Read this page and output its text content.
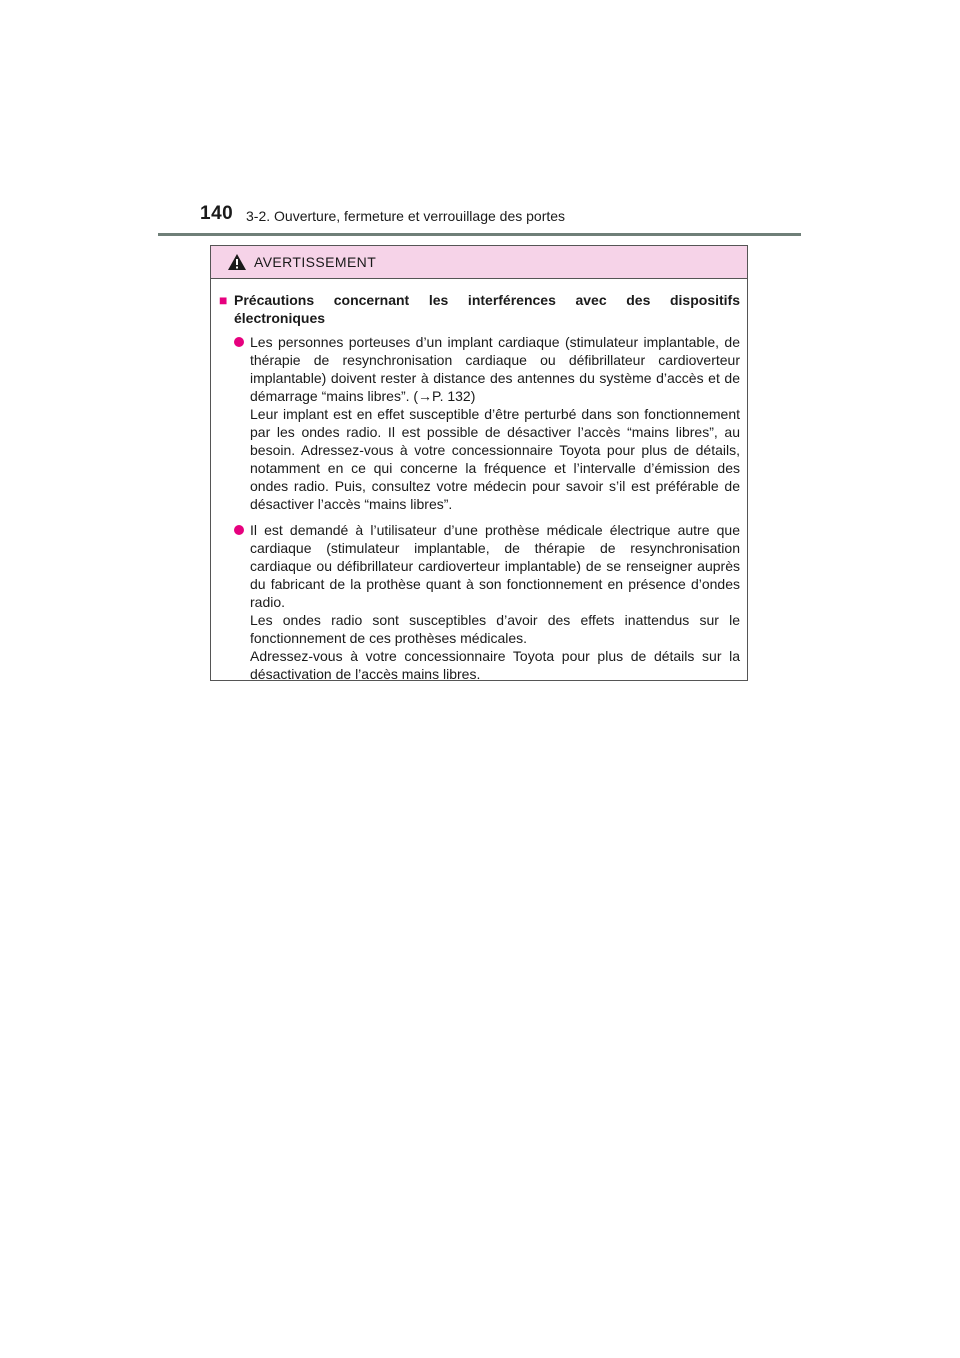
140 3-2. Ouverture, fermeture et verrouillage des portes
AVERTISSEMENT
■ Précautions concernant les interférences avec des dispositifs électroniques

Les personnes porteuses d’un implant cardiaque (stimulateur implantable, de thérapie de resynchronisation cardiaque ou défibrillateur cardioverteur implantable) doivent rester à distance des antennes du système d’accès et de démarrage “mains libres”. (→P. 132)

Leur implant est en effet susceptible d’être perturbé dans son fonctionnement par les ondes radio. Il est possible de désactiver l’accès “mains libres”, au besoin. Adressez-vous à votre concessionnaire Toyota pour plus de détails, notamment en ce qui concerne la fréquence et l’intervalle d’émission des ondes radio. Puis, consultez votre médecin pour savoir s’il est préférable de désactiver l’accès “mains libres”.

Il est demandé à l’utilisateur d’une prothèse médicale électrique autre que cardiaque (stimulateur implantable, de thérapie de resynchronisation cardiaque ou défibrillateur cardioverteur implantable) de se renseigner auprès du fabricant de la prothèse quant à son fonctionnement en présence d’ondes radio.

Les ondes radio sont susceptibles d’avoir des effets inattendus sur le fonctionnement de ces prothèses médicales.

Adressez-vous à votre concessionnaire Toyota pour plus de détails sur la désactivation de l’accès mains libres.
